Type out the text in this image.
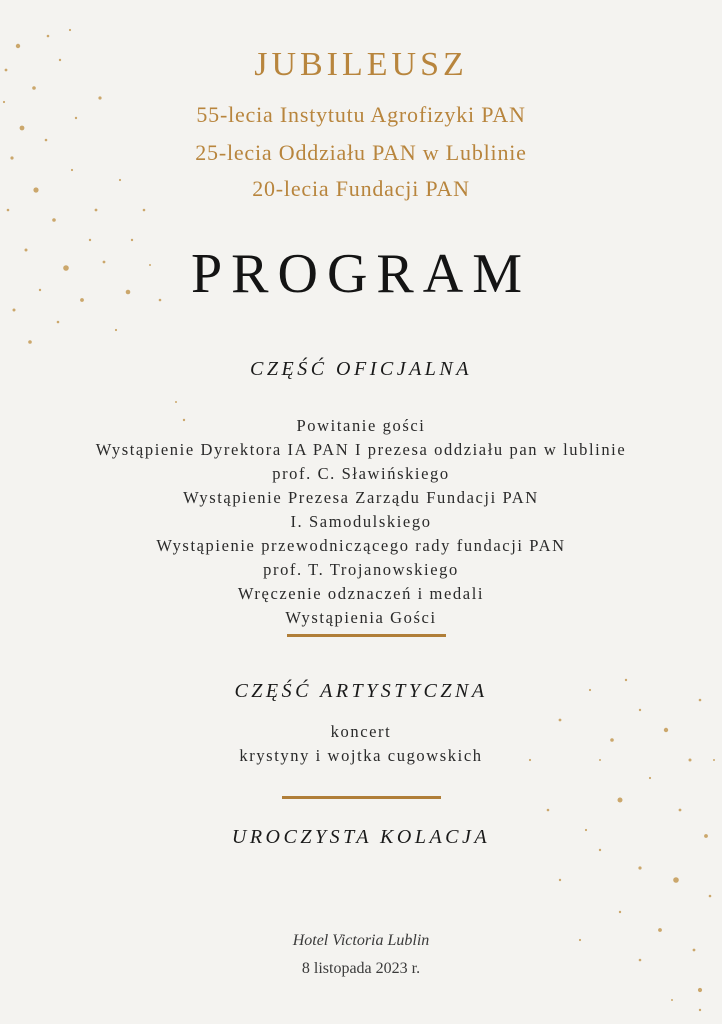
JUBILEUSZ
55-lecia Instytutu Agrofizyki PAN
25-lecia Oddziału PAN w Lublinie
20-lecia Fundacji PAN
PROGRAM
CZĘŚĆ OFICJALNA
Powitanie gości
Wystąpienie Dyrektora IA PAN I prezesa oddziału pan w lublinie
prof. C. Sławińskiego
Wystąpienie Prezesa Zarządu Fundacji PAN
I. Samodulskiego
Wystąpienie przewodniczącego rady fundacji PAN
prof. T. Trojanowskiego
Wręczenie odznaczeń i medali
Wystąpienia Gości
CZĘŚĆ ARTYSTYCZNA
koncert
krystyny i wojtka cugowskich
UROCZYSTA KOLACJA
Hotel Victoria Lublin
8 listopada 2023 r.
